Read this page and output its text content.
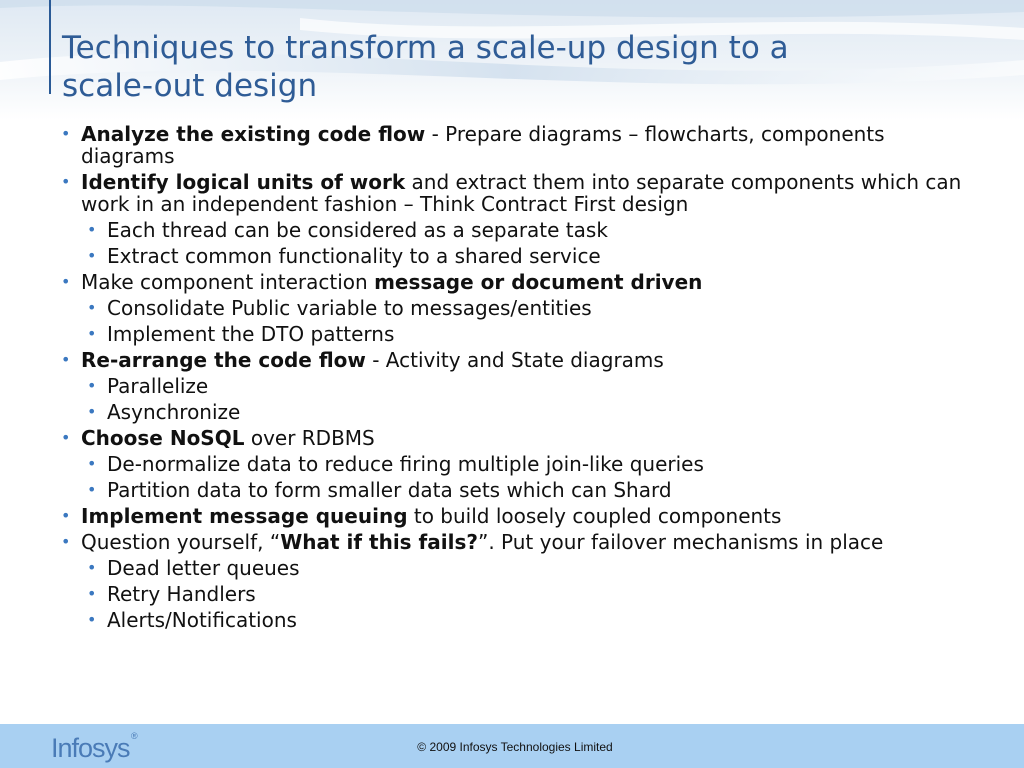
Techniques to transform a scale-up design to a
scale-out design
• Analyze the existing code flow - Prepare diagrams – flowcharts, components diagrams
• Identify logical units of work and extract them into separate components which can work in an independent fashion – Think Contract First design
• Each thread can be considered as a separate task
• Extract common functionality to a shared service
• Make component interaction message or document driven
• Consolidate Public variable to messages/entities
• Implement the DTO patterns
• Re-arrange the code flow - Activity and State diagrams
• Parallelize
• Asynchronize
• Choose NoSQL over RDBMS
• De-normalize data to reduce firing multiple join-like queries
• Partition data to form smaller data sets which can Shard
• Implement message queuing to build loosely coupled components
• Question yourself, “What if this fails?”. Put your failover mechanisms in place
• Dead letter queues
• Retry Handlers
• Alerts/Notifications
Infosys ®
© 2009 Infosys Technologies Limited
